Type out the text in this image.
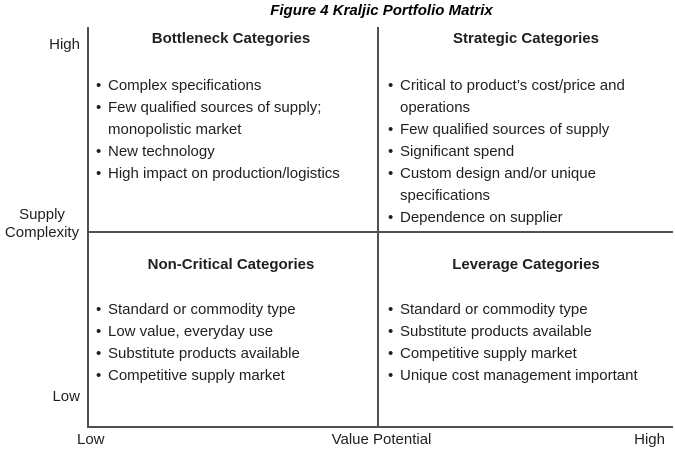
Figure 4 Kraljic Portfolio Matrix
High
Supply Complexity
Low
Low	Value Potential	High
Bottleneck Categories
• Complex specifications
• Few qualified sources of supply; monopolistic market
• New technology
• High impact on production/logistics
Strategic Categories
• Critical to product’s cost/price and operations
• Few qualified sources of supply
• Significant spend
• Custom design and/or unique specifications
• Dependence on supplier
Non-Critical Categories
• Standard or commodity type
• Low value, everyday use
• Substitute products available
• Competitive supply market
Leverage Categories
• Standard or commodity type
• Substitute products available
• Competitive supply market
• Unique cost management important
